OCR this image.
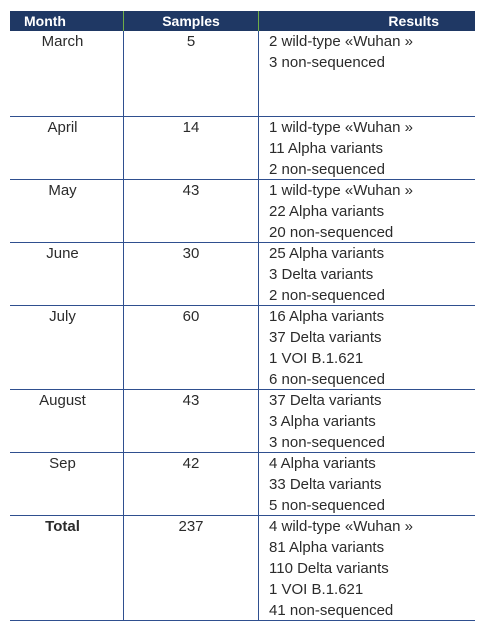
Month	Samples	Results
March	5	2 wild-type «Wuhan »
3 non-sequenced
April	14	1 wild-type «Wuhan »
11 Alpha variants
2 non-sequenced
May	43	1 wild-type «Wuhan »
22 Alpha variants
20 non-sequenced
June	30	25 Alpha variants
3 Delta variants
2 non-sequenced
July	60	16 Alpha variants
37 Delta variants
1 VOI B.1.621
6 non-sequenced
August	43	37 Delta variants
3 Alpha variants
3 non-sequenced
Sep	42	4 Alpha variants
33 Delta variants
5 non-sequenced
Total	237	4 wild-type «Wuhan »
81 Alpha variants
110 Delta variants
1 VOI B.1.621
41 non-sequenced
